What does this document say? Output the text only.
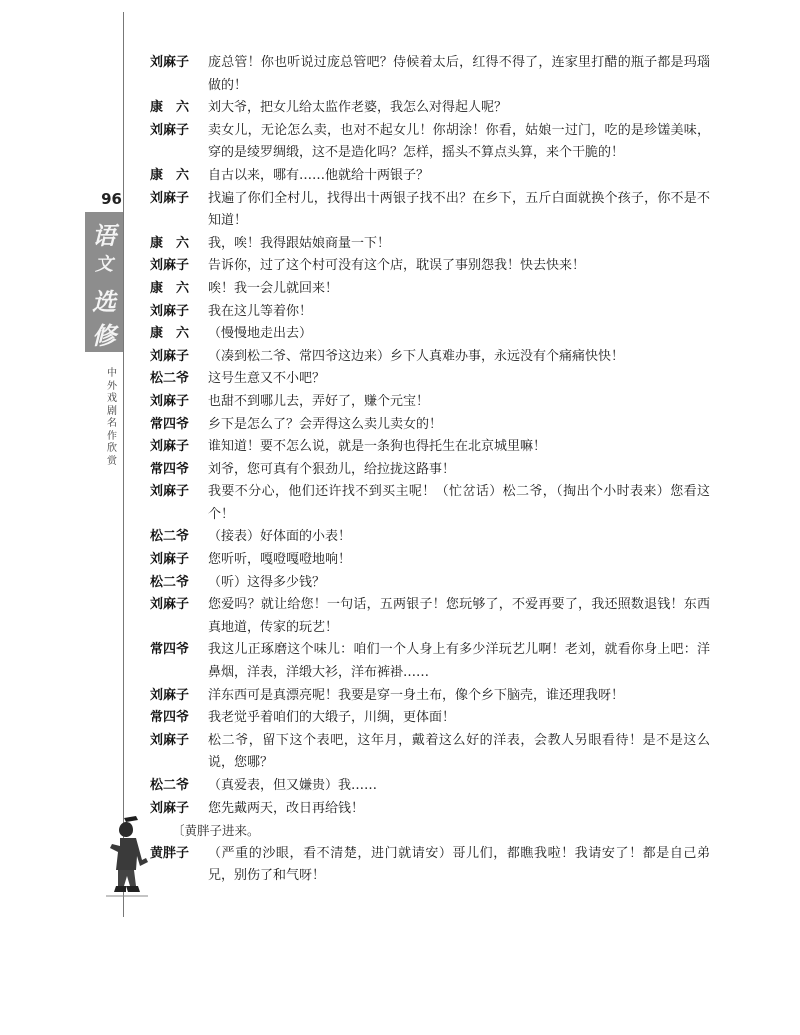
96
语
文
选
修
中外戏剧名作欣赏
刘麻子	庞总管！你也听说过庞总管吧？侍候着太后，红得不得了，连家里打醋的瓶子都是玛瑙做的！
康　六	刘大爷，把女儿给太监作老婆，我怎么对得起人呢？
刘麻子	卖女儿，无论怎么卖，也对不起女儿！你胡涂！你看，姑娘一过门，吃的是珍馐美味，穿的是绫罗绸缎，这不是造化吗？怎样，摇头不算点头算，来个干脆的！
康　六	自古以来，哪有……他就给十两银子？
刘麻子	找遍了你们全村儿，找得出十两银子找不出？在乡下，五斤白面就换个孩子，你不是不知道！
康　六	我，唉！我得跟姑娘商量一下！
刘麻子	告诉你，过了这个村可没有这个店，耽误了事别怨我！快去快来！
康　六	唉！我一会儿就回来！
刘麻子	我在这儿等着你！
康　六	（慢慢地走出去）
刘麻子	（凑到松二爷、常四爷这边来）乡下人真难办事，永远没有个痛痛快快！
松二爷	这号生意又不小吧？
刘麻子	也甜不到哪儿去，弄好了，赚个元宝！
常四爷	乡下是怎么了？会弄得这么卖儿卖女的！
刘麻子	谁知道！要不怎么说，就是一条狗也得托生在北京城里嘛！
常四爷	刘爷，您可真有个狠劲儿，给拉拢这路事！
刘麻子	我要不分心，他们还许找不到买主呢！（忙岔话）松二爷，（掏出个小时表来）您看这个！
松二爷	（接表）好体面的小表！
刘麻子	您听听，嘎噔嘎噔地响！
松二爷	（听）这得多少钱？
刘麻子	您爱吗？就让给您！一句话，五两银子！您玩够了，不爱再要了，我还照数退钱！东西真地道，传家的玩艺！
常四爷	我这儿正琢磨这个味儿：咱们一个人身上有多少洋玩艺儿啊！老刘，就看你身上吧：洋鼻烟，洋表，洋缎大衫，洋布裤褂……
刘麻子	洋东西可是真漂亮呢！我要是穿一身土布，像个乡下脑壳，谁还理我呀！
常四爷	我老觉乎着咱们的大缎子，川绸，更体面！
刘麻子	松二爷，留下这个表吧，这年月，戴着这么好的洋表，会教人另眼看待！是不是这么说，您哪？
松二爷	（真爱表，但又嫌贵）我……
刘麻子	您先戴两天，改日再给钱！
〔黄胖子进来。
黄胖子	（严重的沙眼，看不清楚，进门就请安）哥儿们，都瞧我啦！我请安了！都是自己弟兄，别伤了和气呀！
